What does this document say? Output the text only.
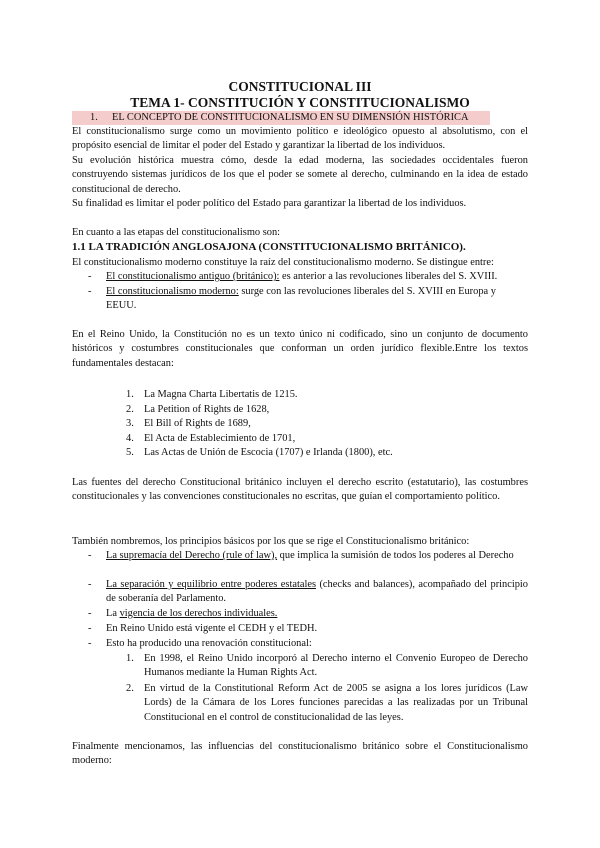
CONSTITUCIONAL III
TEMA 1- CONSTITUCIÓN Y CONSTITUCIONALISMO
1. EL CONCEPTO DE CONSTITUCIONALISMO EN SU DIMENSIÓN HISTÓRICA
El constitucionalismo surge como un movimiento político e ideológico opuesto al absolutismo, con el propósito esencial de limitar el poder del Estado y garantizar la libertad de los individuos.
Su evolución histórica muestra cómo, desde la edad moderna, las sociedades occidentales fueron construyendo sistemas jurídicos de los que el poder se somete al derecho, culminando en la idea de estado constitucional de derecho.
Su finalidad es limitar el poder político del Estado para garantizar la libertad de los individuos.
En cuanto a las etapas del constitucionalismo son:
1.1 LA TRADICIÓN ANGLOSAJONA (CONSTITUCIONALISMO BRITÁNICO).
El constitucionalismo moderno constituye la raíz del constitucionalismo moderno. Se distingue entre:
- El constitucionalismo antiguo (británico): es anterior a las revoluciones liberales del S. XVIII.
- El constitucionalismo moderno: surge con las revoluciones liberales del S. XVIII en Europa y EEUU.
En el Reino Unido, la Constitución no es un texto único ni codificado, sino un conjunto de documento históricos y costumbres constitucionales que conforman un orden jurídico flexible.Entre los textos fundamentales destacan:
1. La Magna Charta Libertatis de 1215.
2. La Petition of Rights de 1628,
3. El Bill of Rights de 1689,
4. El Acta de Establecimiento de 1701,
5. Las Actas de Unión de Escocia (1707) e Irlanda (1800), etc.
Las fuentes del derecho Constitucional británico incluyen el derecho escrito (estatutario), las costumbres constitucionales y las convenciones constitucionales no escritas, que guían el comportamiento político.
También nombremos, los principios básicos por los que se rige el Constitucionalismo británico:
- La supremacía del Derecho (rule of law), que implica la sumisión de todos los poderes al Derecho
- La separación y equilibrio entre poderes estatales (checks and balances), acompañado del principio de soberanía del Parlamento.
- La vigencia de los derechos individuales.
- En Reino Unido está vigente el CEDH y el TEDH.
- Esto ha producido una renovación constitucional:
1. En 1998, el Reino Unido incorporó al Derecho interno el Convenio Europeo de Derecho Humanos mediante la Human Rights Act.
2. En virtud de la Constitutional Reform Act de 2005 se asigna a los lores jurídicos (Law Lords) de la Cámara de los Lores funciones parecidas a las realizadas por un Tribunal Constitucional en el control de constitucionalidad de las leyes.
Finalmente mencionamos, las influencias del constitucionalismo británico sobre el Constitucionalismo moderno:
